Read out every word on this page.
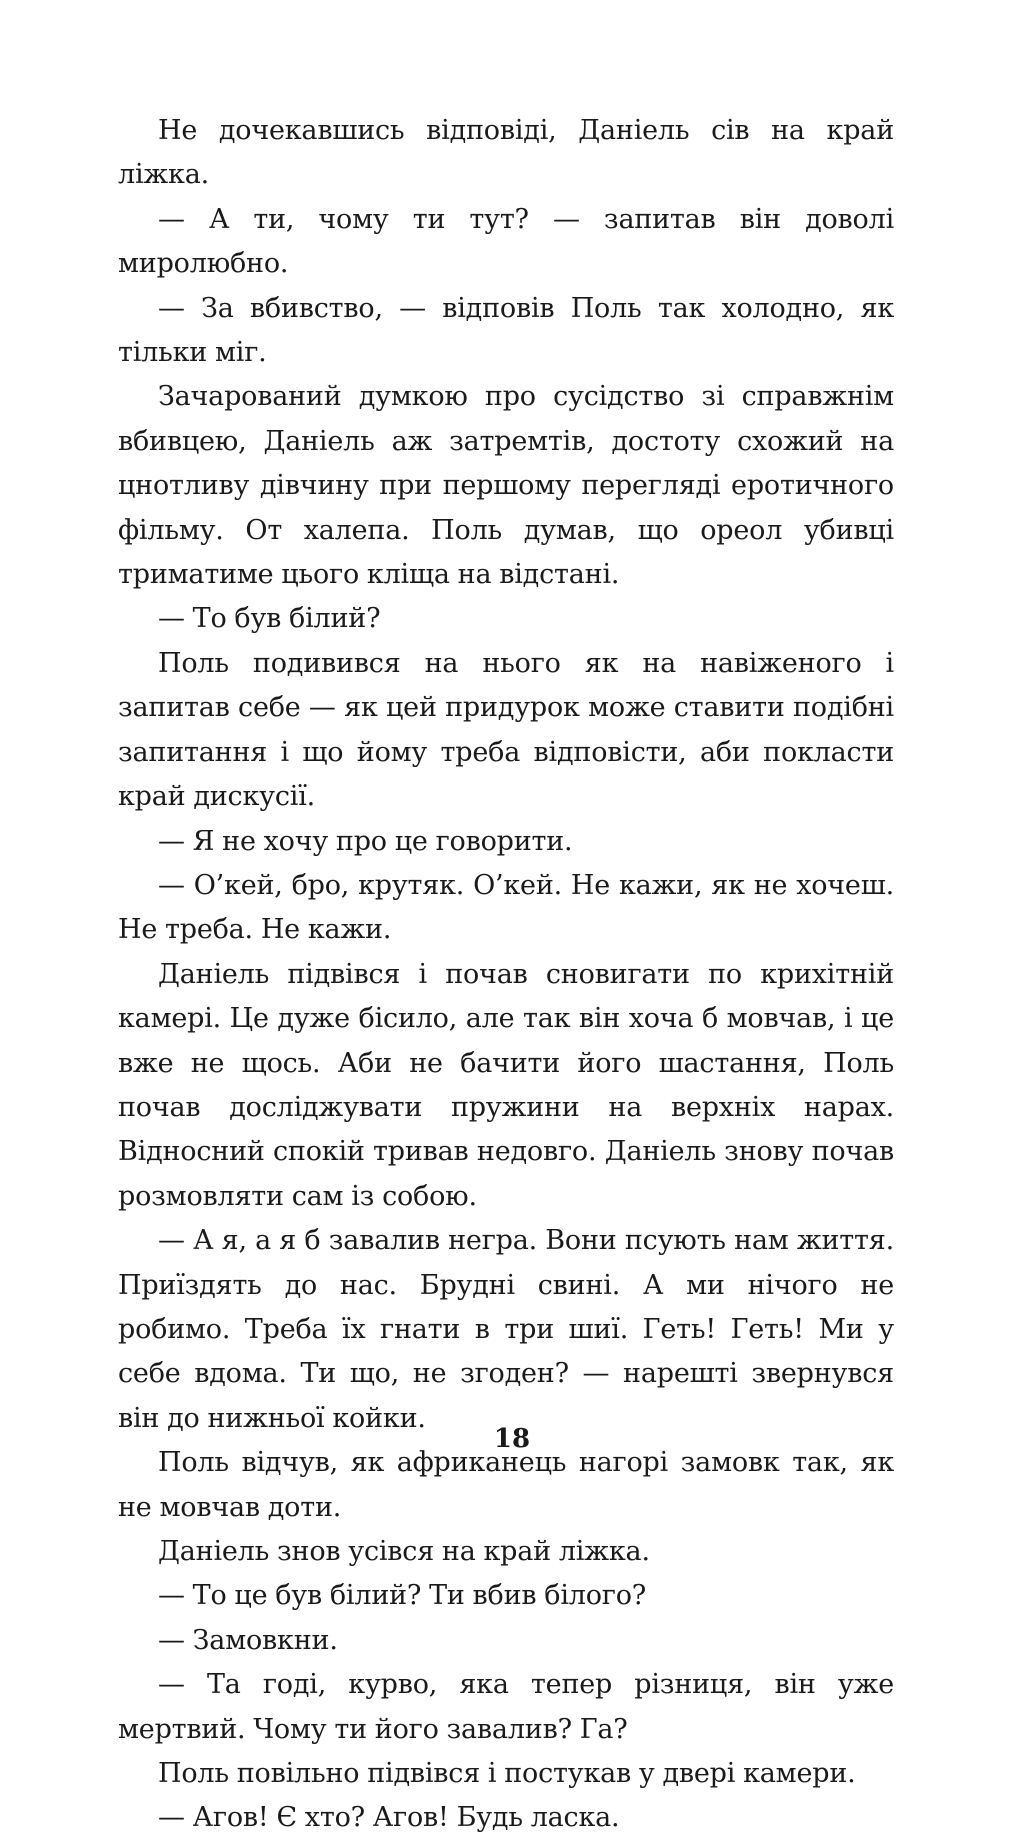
Не дочекавшись відповіді, Даніель сів на край ліжка.

— А ти, чому ти тут? — запитав він доволі миролюбно.

— За вбивство, — відповів Поль так холодно, як тільки міг.

Зачарований думкою про сусідство зі справжнім вбивцею, Даніель аж затремтів, достоту схожий на цнотливу дівчину при першому перегляді еротичного фільму. От халепа. Поль думав, що ореол убивці триматиме цього кліща на відстані.

— То був білий?

Поль подивився на нього як на навіженого і запитав себе — як цей придурок може ставити подібні запитання і що йому треба відповісти, аби покласти край дискусії.

— Я не хочу про це говорити.

— О’кей, бро, крутяк. О’кей. Не кажи, як не хочеш. Не треба. Не кажи.

Даніель підвівся і почав сновигати по крихітній камері. Це дуже бісило, але так він хоча б мовчав, і це вже не щось. Аби не бачити його шастання, Поль почав досліджувати пружини на верхніх нарах. Відносний спокій тривав недовго. Даніель знову почав розмовляти сам із собою.

— А я, а я б завалив негра. Вони псують нам життя. Приїздять до нас. Брудні свині. А ми нічого не робимо. Треба їх гнати в три шиї. Геть! Геть! Ми у себе вдома. Ти що, не згоден? — нарешті звернувся він до нижньої койки.

Поль відчув, як африканець нагорі замовк так, як не мовчав доти.

Даніель знов усівся на край ліжка.

— То це був білий? Ти вбив білого?

— Замовкни.

— Та годі, курво, яка тепер різниця, він уже мертвий. Чому ти його завалив? Га?

Поль повільно підвівся і постукав у двері камери.

— Агов! Є хто? Агов! Будь ласка.

18
